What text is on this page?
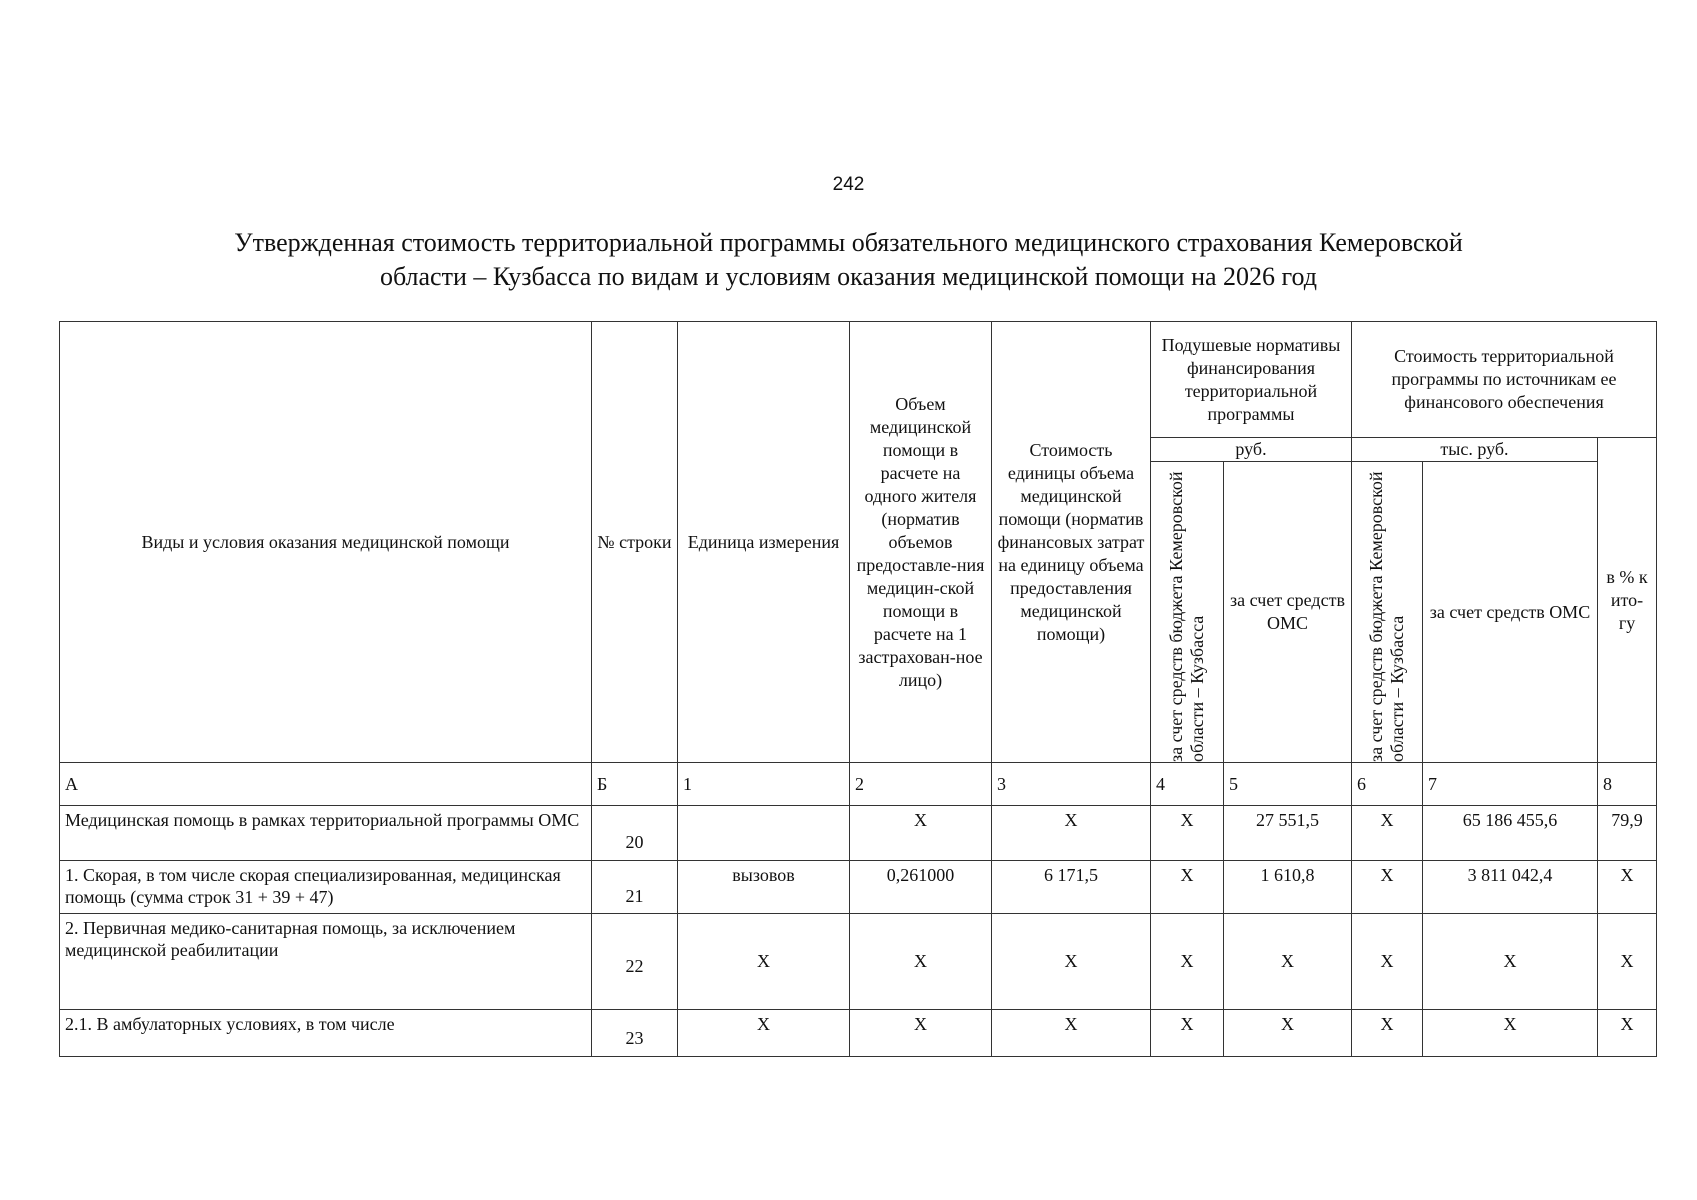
242
Утвержденная стоимость территориальной программы обязательного медицинского страхования Кемеровской
области – Кузбасса по видам и условиям оказания медицинской помощи на 2026 год
Виды и условия оказания медицинской помощи	№ строки	Единица измерения	Объем медицинской помощи в расчете на одного жителя (норматив объемов предоставле-ния медицин-ской помощи в расчете на 1 застрахован-ное лицо)	Стоимость единицы объема медицинской помощи (норматив финансовых затрат на единицу объема предоставления медицинской помощи)	Подушевые нормативы финансирования территориальной программы		Стоимость территориальной программы по источникам ее финансового обеспечения		
					руб.		тыс. руб.		в % к ито-гу

					за счет средств бюджета Кемеровской области – Кузбасса	за счет средств ОМС	за счет средств бюджета Кемеровской области – Кузбасса	за счет средств ОМС	
А	Б	1	2	3	4	5	6	7	8
Медицинская помощь в рамках территориальной программы ОМС	20		Х	Х	Х	27 551,5	Х	65 186 455,6	79,9
1. Скорая, в том числе скорая специализированная, медицинская помощь (сумма строк 31 + 39 + 47)	21	вызовов	0,261000	6 171,5	Х	1 610,8	Х	3 811 042,4	Х
2. Первичная медико-санитарная помощь, за исключением медицинской реабилитации	22	Х	Х	Х	Х	Х	Х	Х	Х
2.1. В амбулаторных условиях, в том числе	23	Х	Х	Х	Х	Х	Х	Х	Х
